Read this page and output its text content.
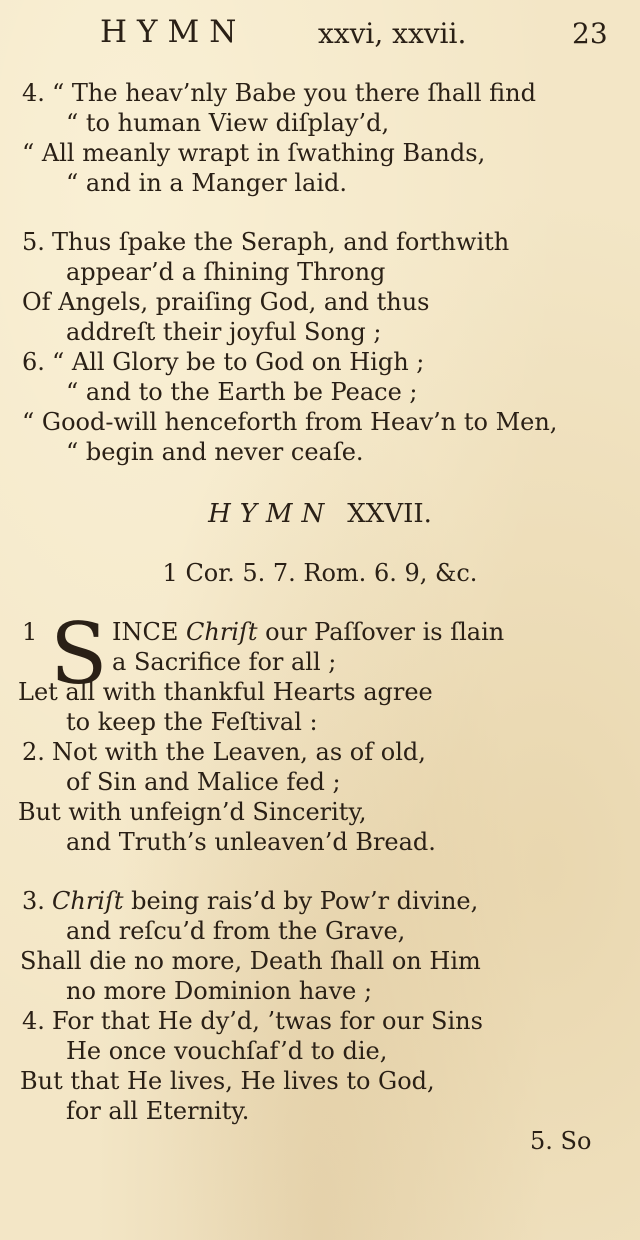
HYMN	xxvi, xxvii.	23
4. “ The heav’nly Babe you there ſhall find
“ to human View diſplay’d,
“ All meanly wrapt in ſwathing Bands,
“ and in a Manger laid.
5. Thus ſpake the Seraph, and forthwith
appear’d a ſhining Throng
Of Angels, praiſing God, and thus
addreſt their joyful Song ;
6. “ All Glory be to God on High ;
“ and to the Earth be Peace ;
“ Good-will henceforth from Heav’n to Men,
“ begin and never ceaſe.
HYMN XXVII.
1 Cor. 5. 7. Rom. 6. 9, &c.
1 S INCE Chriſt our Paſſover is ſlain
a Sacrifice for all ;
Let all with thankful Hearts agree
to keep the Feſtival :
2. Not with the Leaven, as of old,
of Sin and Malice fed ;
But with unfeign’d Sincerity,
and Truth’s unleaven’d Bread.
3. Chriſt being rais’d by Pow’r divine,
and reſcu’d from the Grave,
Shall die no more, Death ſhall on Him
no more Dominion have ;
4. For that He dy’d, ’twas for our Sins
He once vouchſaf’d to die,
But that He lives, He lives to God,
for all Eternity.
5. So
